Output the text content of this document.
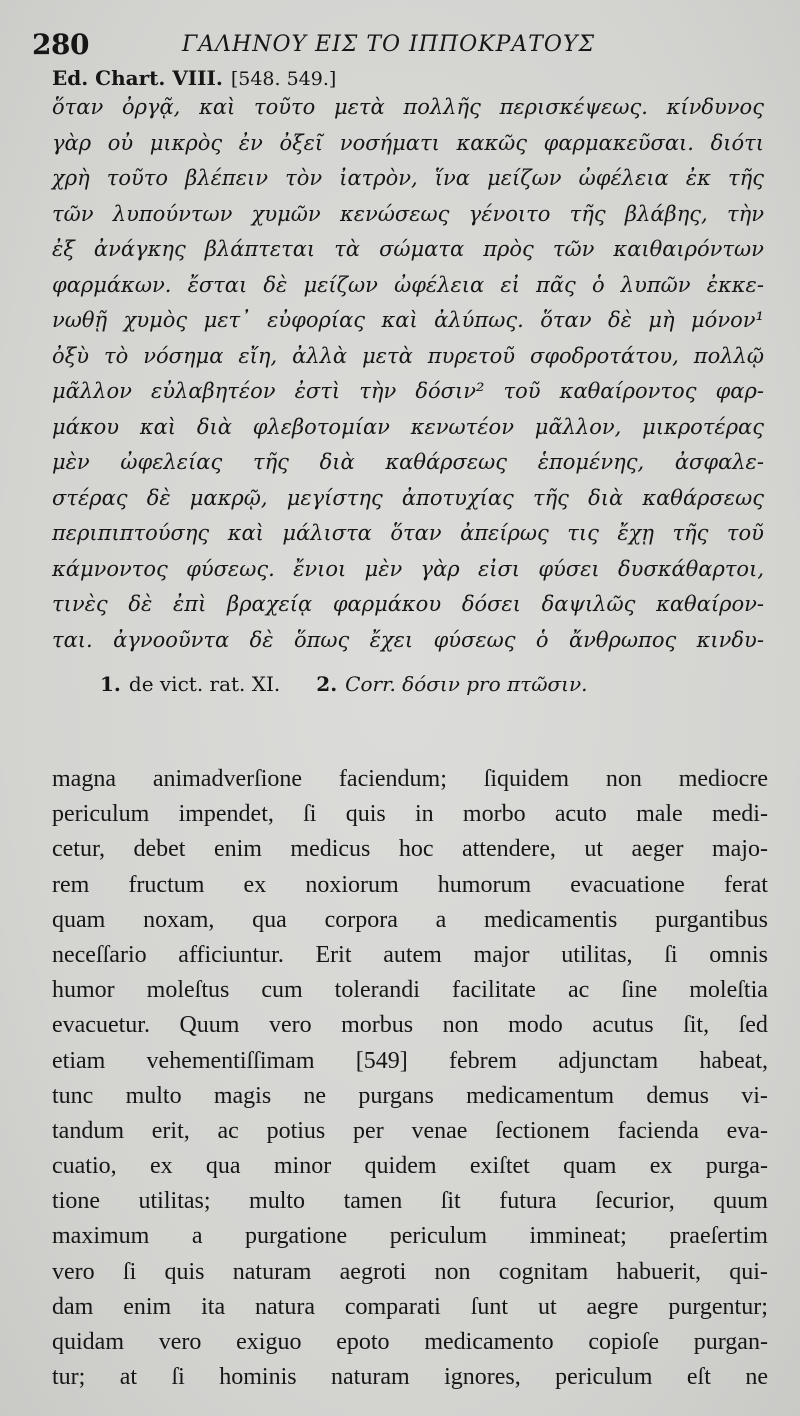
280	ΓΑΛΗΝΟΥ ΕΙΣ ΤΟ ΙΠΠΟΚΡΑΤΟΥΣ
Ed. Chart. VIII. [548. 549.]
ὅταν ὀργᾷ, καὶ τοῦτο μετὰ πολλῆς περισκέψεως. κίνδυνος
γὰρ οὐ μικρὸς ἐν ὀξεῖ νοσήματι κακῶς φαρμακεῦσαι. διότι
χρὴ τοῦτο βλέπειν τὸν ἰατρὸν, ἵνα μείζων ὠφέλεια ἐκ τῆς
τῶν λυπούντων χυμῶν κενώσεως γένοιτο τῆς βλάβης, τὴν
ἐξ ἀνάγκης βλάπτεται τὰ σώματα πρὸς τῶν καιθαιρόντων
φαρμάκων. ἔσται δὲ μείζων ὠφέλεια εἰ πᾶς ὁ λυπῶν ἐκκε-
νωθῇ χυμὸς μετ᾽ εὐφορίας καὶ ἀλύπως. ὅταν δὲ μὴ μόνον¹
ὀξὺ τὸ νόσημα εἴη, ἀλλὰ μετὰ πυρετοῦ σφοδροτάτου, πολλῷ
μᾶλλον εὐλαβητέον ἐστὶ τὴν δόσιν² τοῦ καθαίροντος φαρ-
μάκου καὶ διὰ φλεβοτομίαν κενωτέον μᾶλλον, μικροτέρας
μὲν ὠφελείας τῆς διὰ καθάρσεως ἑπομένης, ἀσφαλε-
στέρας δὲ μακρῷ, μεγίστης ἀποτυχίας τῆς διὰ καθάρσεως
περιπιπτούσης καὶ μάλιστα ὅταν ἀπείρως τις ἔχῃ τῆς τοῦ
κάμνοντος φύσεως. ἔνιοι μὲν γὰρ εἰσι φύσει δυσκάθαρτοι,
τινὲς δὲ ἐπὶ βραχείᾳ φαρμάκου δόσει δαψιλῶς καθαίρον-
ται. ἀγνοοῦντα δὲ ὅπως ἔχει φύσεως ὁ ἄνθρωπος κινδυ-
1. de vict. rat. XI. 2. Corr. δόσιν pro πτῶσιν.
magna animadverſione faciendum; ſiquidem non mediocre
periculum impendet, ſi quis in morbo acuto male medi-
cetur, debet enim medicus hoc attendere, ut aeger majo-
rem fructum ex noxiorum humorum evacuatione ferat
quam noxam, qua corpora a medicamentis purgantibus
neceſſario afficiuntur. Erit autem major utilitas, ſi omnis
humor moleſtus cum tolerandi facilitate ac ſine moleſtia
evacuetur. Quum vero morbus non modo acutus ſit, ſed
etiam vehementiſſimam [549] febrem adjunctam habeat,
tunc multo magis ne purgans medicamentum demus vi-
tandum erit, ac potius per venae ſectionem facienda eva-
cuatio, ex qua minor quidem exiſtet quam ex purga-
tione utilitas; multo tamen ſit futura ſecurior, quum
maximum a purgatione periculum immineat; praeſertim
vero ſi quis naturam aegroti non cognitam habuerit, qui-
dam enim ita natura comparati ſunt ut aegre purgentur;
quidam vero exiguo epoto medicamento copioſe purgan-
tur; at ſi hominis naturam ignores, periculum eſt ne
